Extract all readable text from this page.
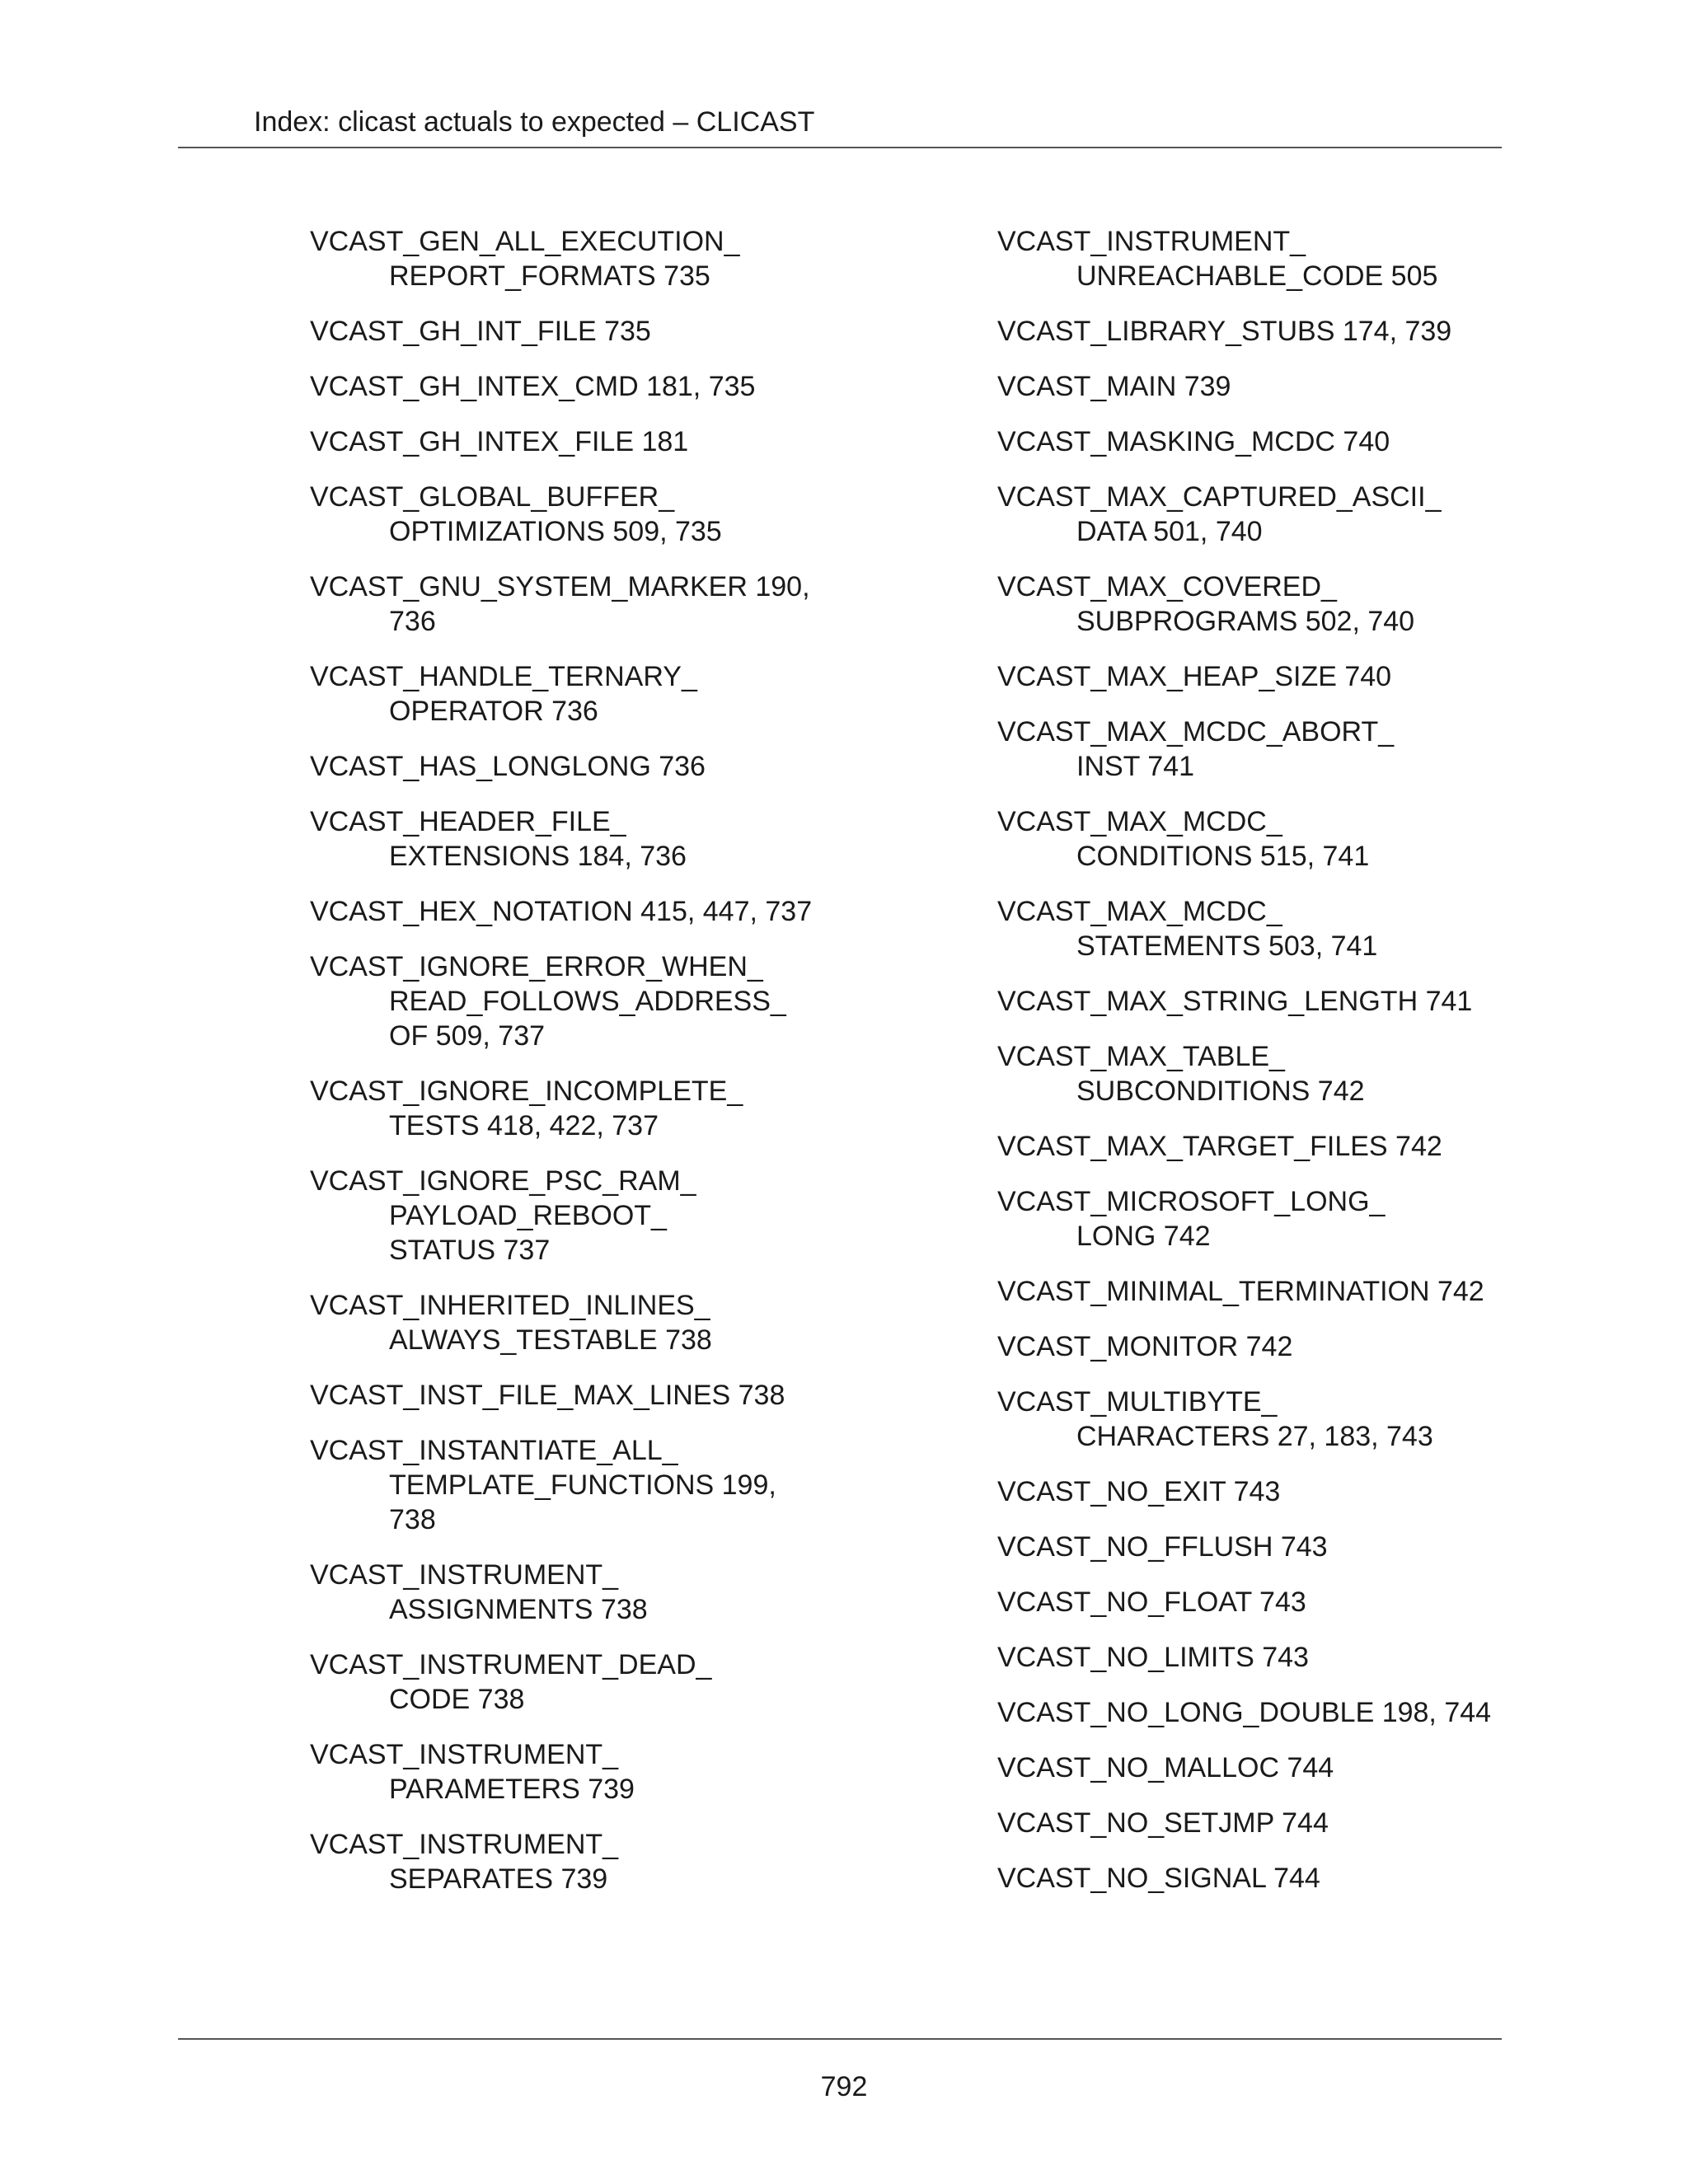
Index: clicast actuals to expected – CLICAST
VCAST_GEN_ALL_EXECUTION_
REPORT_FORMATS 735
VCAST_GH_INT_FILE 735
VCAST_GH_INTEX_CMD 181, 735
VCAST_GH_INTEX_FILE 181
VCAST_GLOBAL_BUFFER_
OPTIMIZATIONS 509, 735
VCAST_GNU_SYSTEM_MARKER 190,
736
VCAST_HANDLE_TERNARY_
OPERATOR 736
VCAST_HAS_LONGLONG 736
VCAST_HEADER_FILE_
EXTENSIONS 184, 736
VCAST_HEX_NOTATION 415, 447, 737
VCAST_IGNORE_ERROR_WHEN_
READ_FOLLOWS_ADDRESS_
OF 509, 737
VCAST_IGNORE_INCOMPLETE_
TESTS 418, 422, 737
VCAST_IGNORE_PSC_RAM_
PAYLOAD_REBOOT_
STATUS 737
VCAST_INHERITED_INLINES_
ALWAYS_TESTABLE 738
VCAST_INST_FILE_MAX_LINES 738
VCAST_INSTANTIATE_ALL_
TEMPLATE_FUNCTIONS 199,
738
VCAST_INSTRUMENT_
ASSIGNMENTS 738
VCAST_INSTRUMENT_DEAD_
CODE 738
VCAST_INSTRUMENT_
PARAMETERS 739
VCAST_INSTRUMENT_
SEPARATES 739
VCAST_INSTRUMENT_
UNREACHABLE_CODE 505
VCAST_LIBRARY_STUBS 174, 739
VCAST_MAIN 739
VCAST_MASKING_MCDC 740
VCAST_MAX_CAPTURED_ASCII_
DATA 501, 740
VCAST_MAX_COVERED_
SUBPROGRAMS 502, 740
VCAST_MAX_HEAP_SIZE 740
VCAST_MAX_MCDC_ABORT_
INST 741
VCAST_MAX_MCDC_
CONDITIONS 515, 741
VCAST_MAX_MCDC_
STATEMENTS 503, 741
VCAST_MAX_STRING_LENGTH 741
VCAST_MAX_TABLE_
SUBCONDITIONS 742
VCAST_MAX_TARGET_FILES 742
VCAST_MICROSOFT_LONG_
LONG 742
VCAST_MINIMAL_TERMINATION 742
VCAST_MONITOR 742
VCAST_MULTIBYTE_
CHARACTERS 27, 183, 743
VCAST_NO_EXIT 743
VCAST_NO_FFLUSH 743
VCAST_NO_FLOAT 743
VCAST_NO_LIMITS 743
VCAST_NO_LONG_DOUBLE 198, 744
VCAST_NO_MALLOC 744
VCAST_NO_SETJMP 744
VCAST_NO_SIGNAL 744
792
